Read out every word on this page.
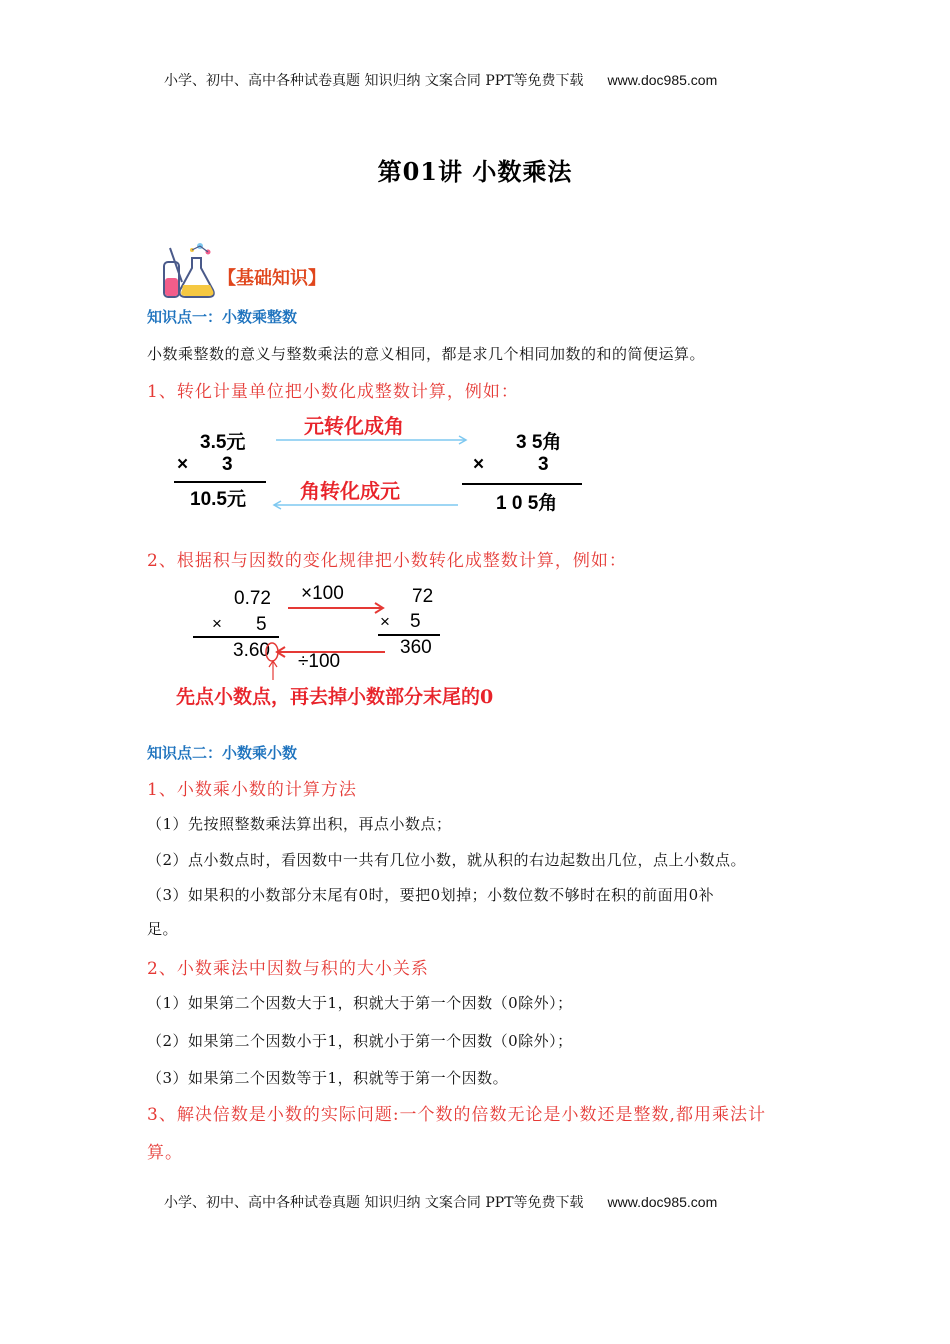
小学、初中、高中各种试卷真题 知识归纳 文案合同 PPT等免费下载 www.doc985.com
第01讲 小数乘法
【基础知识】
知识点一：小数乘整数
小数乘整数的意义与整数乘法的意义相同，都是求几个相同加数的和的简便运算。
1、转化计量单位把小数化成整数计算，例如：
3.5元
× 3
10.5元
3 5角
×	3
1 0 5角
元转化成角
角转化成元
2、根据积与因数的变化规律把小数转化成整数计算，例如：
0.72
× 5
3.60
72
× 5
360
×100
÷100
先点小数点，再去掉小数部分末尾的0
知识点二：小数乘小数
1、小数乘小数的计算方法
（1）先按照整数乘法算出积，再点小数点；
（2）点小数点时，看因数中一共有几位小数，就从积的右边起数出几位，点上小数点。
（3）如果积的小数部分末尾有0时，要把0划掉；小数位数不够时在积的前面用0补
足。
2、小数乘法中因数与积的大小关系
（1）如果第二个因数大于1，积就大于第一个因数（0除外）；
（2）如果第二个因数小于1，积就小于第一个因数（0除外）；
（3）如果第二个因数等于1，积就等于第一个因数。
3、解决倍数是小数的实际问题:一个数的倍数无论是小数还是整数,都用乘法计
算。
小学、初中、高中各种试卷真题 知识归纳 文案合同 PPT等免费下载 www.doc985.com
